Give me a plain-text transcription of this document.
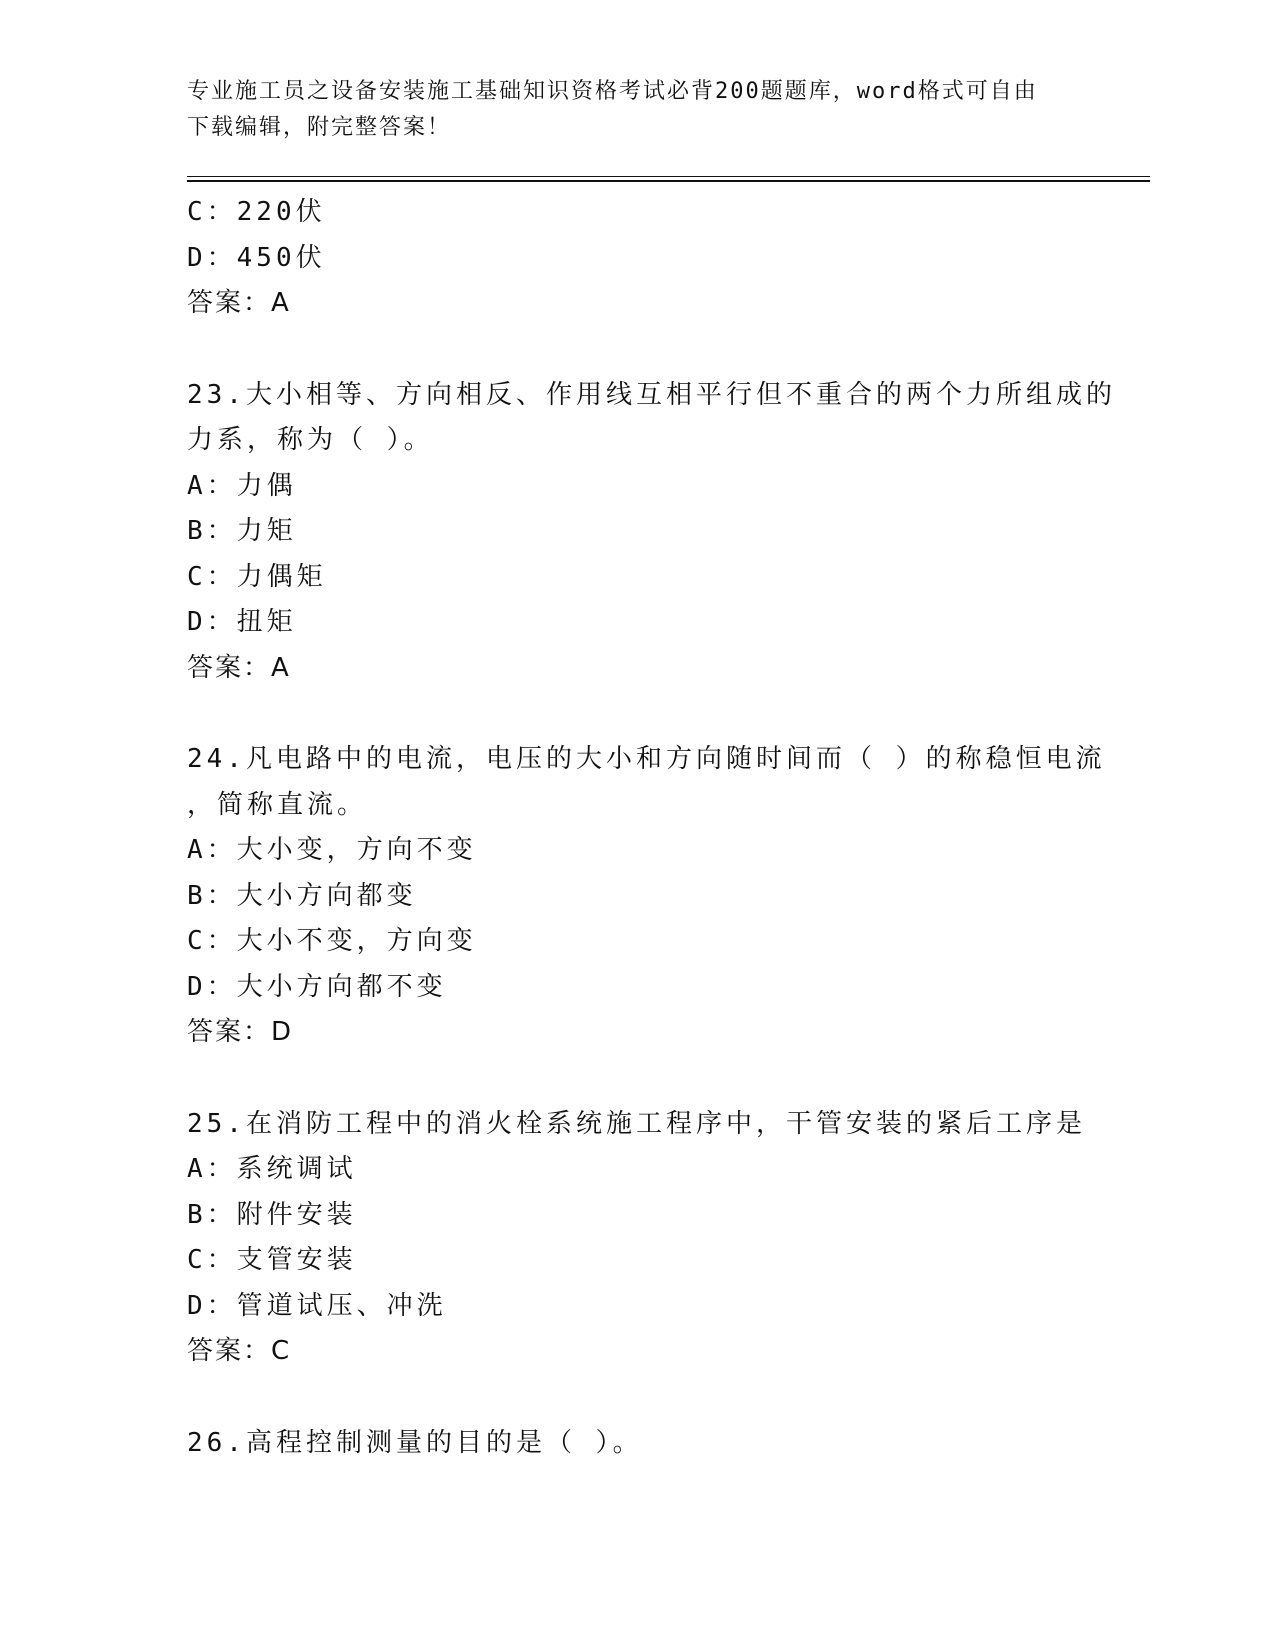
专业施工员之设备安装施工基础知识资格考试必背200题题库，word格式可自由
下载编辑，附完整答案！
C：220伏
D：450伏
答案：A
23.大小相等、方向相反、作用线互相平行但不重合的两个力所组成的
力系，称为（ ）。
A：力偶
B：力矩
C：力偶矩
D：扭矩
答案：A
24.凡电路中的电流，电压的大小和方向随时间而（ ）的称稳恒电流
，简称直流。
A：大小变，方向不变
B：大小方向都变
C：大小不变，方向变
D：大小方向都不变
答案：D
25.在消防工程中的消火栓系统施工程序中，干管安装的紧后工序是
A：系统调试
B：附件安装
C：支管安装
D：管道试压、冲洗
答案：C
26.高程控制测量的目的是（ ）。
